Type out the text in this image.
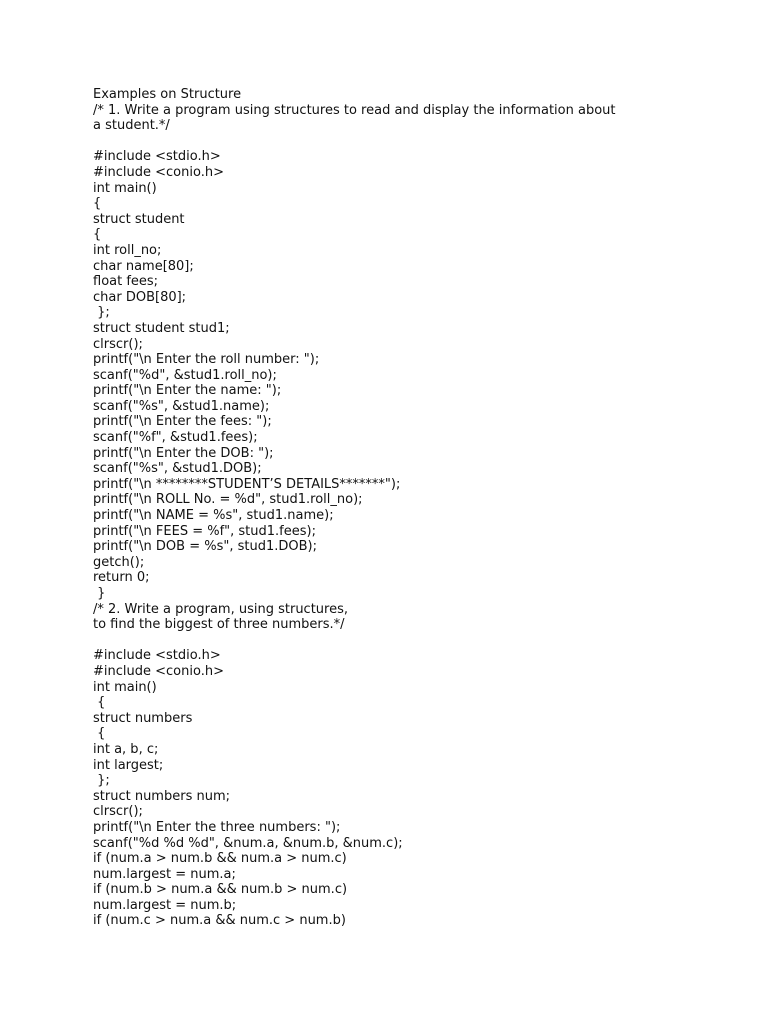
Examples on Structure
/* 1. Write a program using structures to read and display the information about
a student.*/
#include <stdio.h>
#include <conio.h>
int main()
{
struct student
{
int roll_no;
char name[80];
float fees;
char DOB[80];
};
struct student stud1;
clrscr();
printf("\n Enter the roll number: ");
scanf("%d", &stud1.roll_no);
printf("\n Enter the name: ");
scanf("%s", &stud1.name);
printf("\n Enter the fees: ");
scanf("%f", &stud1.fees);
printf("\n Enter the DOB: ");
scanf("%s", &stud1.DOB);
printf("\n ********STUDENT’S DETAILS*******");
printf("\n ROLL No. = %d", stud1.roll_no);
printf("\n NAME = %s", stud1.name);
printf("\n FEES = %f", stud1.fees);
printf("\n DOB = %s", stud1.DOB);
getch();
return 0;
}
/* 2. Write a program, using structures,
to find the biggest of three numbers.*/
#include <stdio.h>
#include <conio.h>
int main()
{
struct numbers
{
int a, b, c;
int largest;
};
struct numbers num;
clrscr();
printf("\n Enter the three numbers: ");
scanf("%d %d %d", &num.a, &num.b, &num.c);
if (num.a > num.b && num.a > num.c)
num.largest = num.a;
if (num.b > num.a && num.b > num.c)
num.largest = num.b;
if (num.c > num.a && num.c > num.b)
